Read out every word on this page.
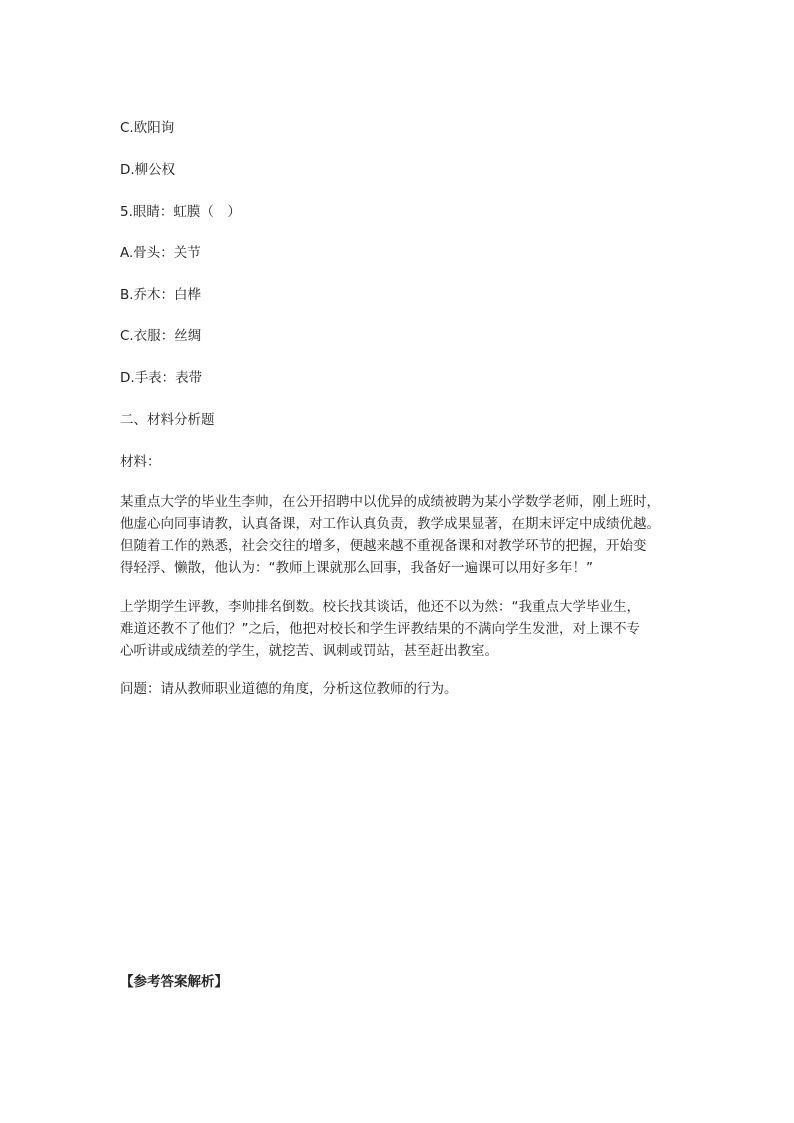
C.欧阳询
D.柳公权
5.眼睛：虹膜（　）
A.骨头：关节
B.乔木：白桦
C.衣服：丝绸
D.手表：表带
二、材料分析题
材料：

某重点大学的毕业生李帅，在公开招聘中以优异的成绩被聘为某小学数学老师，刚上班时，

他虚心向同事请教，认真备课，对工作认真负责，教学成果显著，在期末评定中成绩优越。

但随着工作的熟悉，社会交往的增多，便越来越不重视备课和对教学环节的把握，开始变

得轻浮、懒散，他认为：“教师上课就那么回事，我备好一遍课可以用好多年！”

上学期学生评教，李帅排名倒数。校长找其谈话，他还不以为然：“我重点大学毕业生，

难道还教不了他们？”之后，他把对校长和学生评教结果的不满向学生发泄，对上课不专

心听讲或成绩差的学生，就挖苦、讽刺或罚站，甚至赶出教室。

问题：请从教师职业道德的角度，分析这位教师的行为。
【参考答案解析】
